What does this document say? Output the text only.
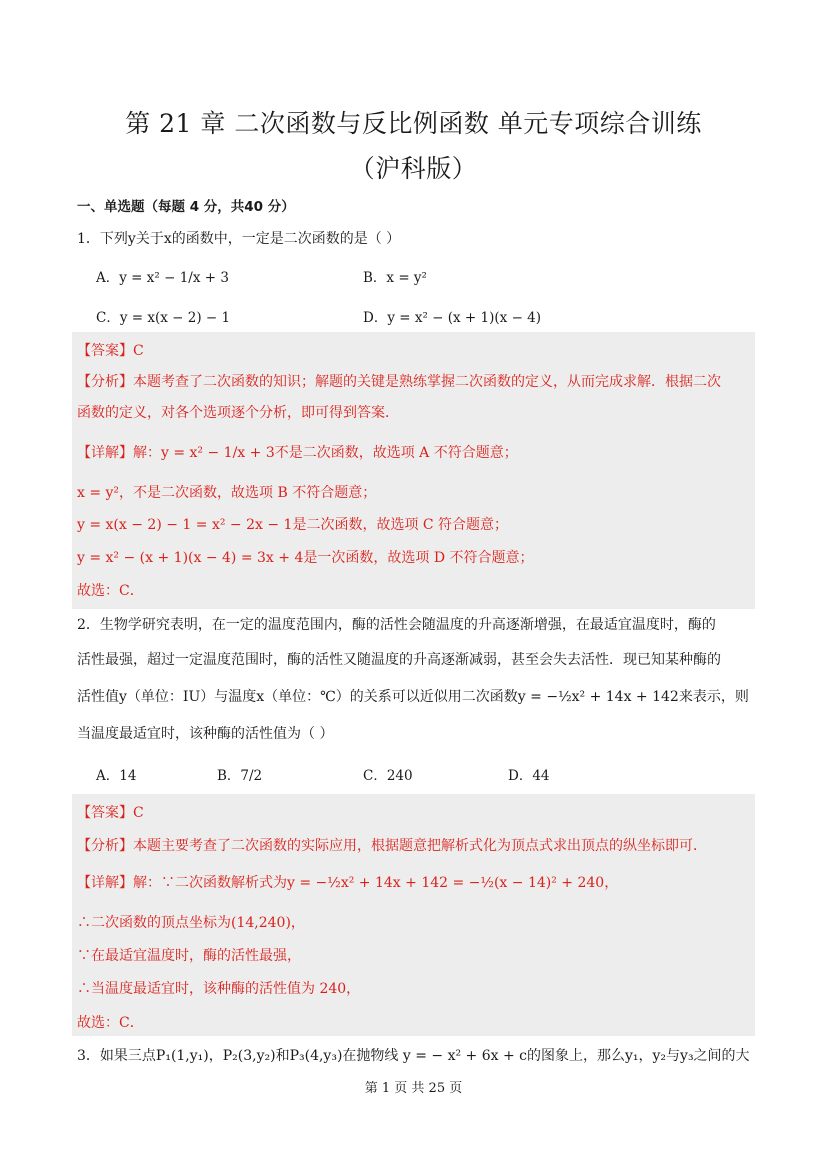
第 21 章 二次函数与反比例函数 单元专项综合训练
（沪科版）
一、单选题（每题 4 分，共40 分）
1．下列y关于x的函数中，一定是二次函数的是（ ）
A．y = x² − 1/x + 3	B．x = y²
C．y = x(x − 2) − 1	D．y = x² − (x + 1)(x − 4)
【答案】C
【分析】本题考查了二次函数的知识；解题的关键是熟练掌握二次函数的定义，从而完成求解．根据二次
函数的定义，对各个选项逐个分析，即可得到答案．
【详解】解：y = x² − 1/x + 3不是二次函数，故选项 A 不符合题意；
x = y²，不是二次函数，故选项 B 不符合题意；
y = x(x − 2) − 1 = x² − 2x − 1是二次函数，故选项 C 符合题意；
y = x² − (x + 1)(x − 4) = 3x + 4是一次函数，故选项 D 不符合题意；
故选：C．
2．生物学研究表明，在一定的温度范围内，酶的活性会随温度的升高逐渐增强，在最适宜温度时，酶的
活性最强，超过一定温度范围时，酶的活性又随温度的升高逐渐减弱，甚至会失去活性．现已知某种酶的
活性值y（单位：IU）与温度x（单位：℃）的关系可以近似用二次函数y = −½x² + 14x + 142来表示，则
当温度最适宜时，该种酶的活性值为（ ）
A．14	B．7/2	C．240	D．44
【答案】C
【分析】本题主要考查了二次函数的实际应用，根据题意把解析式化为顶点式求出顶点的纵坐标即可．
【详解】解：∵二次函数解析式为y = −½x² + 14x + 142 = −½(x − 14)² + 240，
∴二次函数的顶点坐标为(14,240)，
∵在最适宜温度时，酶的活性最强，
∴当温度最适宜时，该种酶的活性值为 240，
故选：C．
3．如果三点P₁(1,y₁)，P₂(3,y₂)和P₃(4,y₃)在抛物线 y = − x² + 6x + c的图象上，那么y₁，y₂与y₃之间的大
第 1 页 共 25 页
